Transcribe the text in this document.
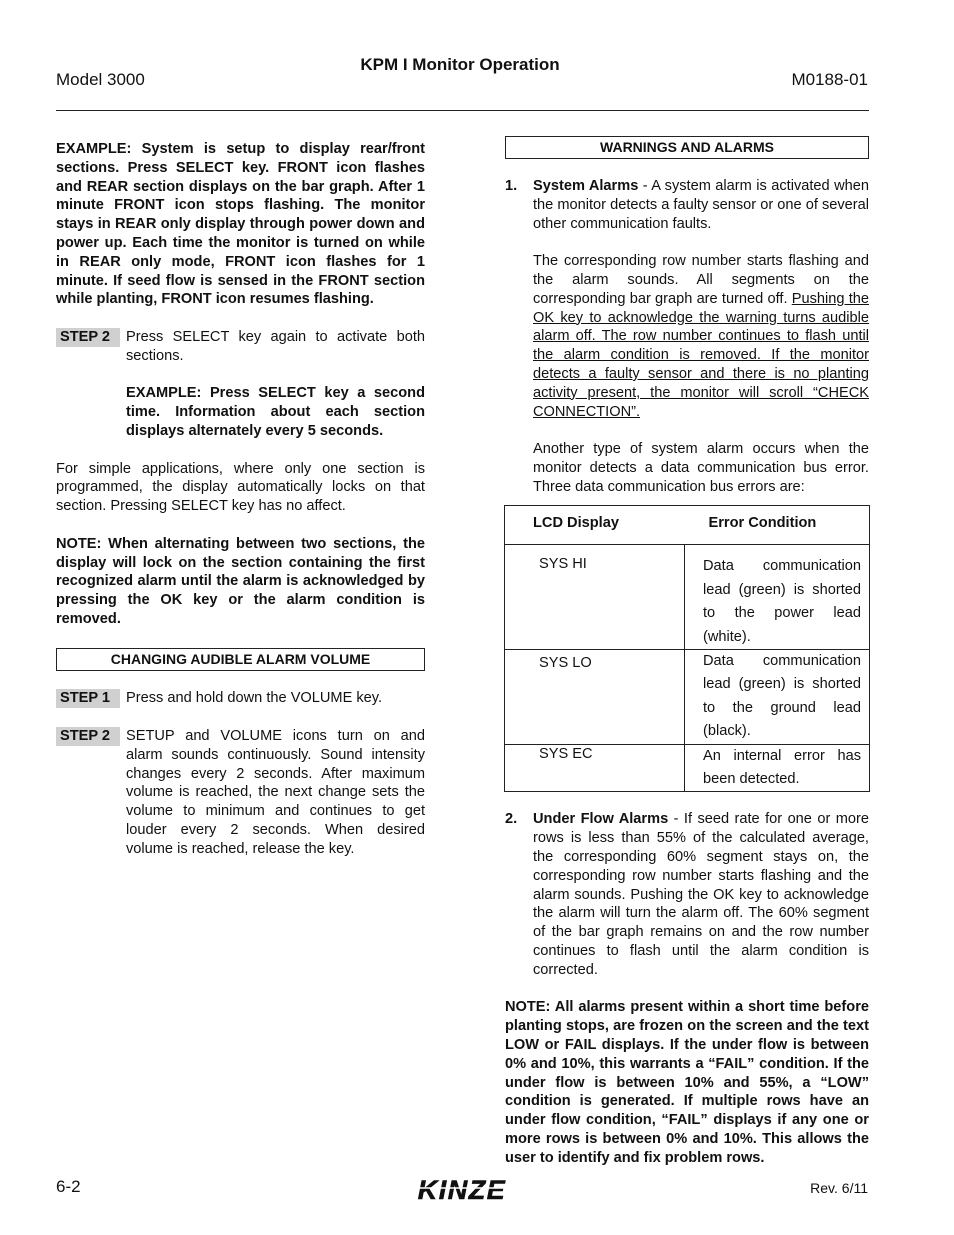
KPM I Monitor Operation
Model 3000	M0188-01

EXAMPLE: System is setup to display rear/front sections. Press SELECT key. FRONT icon flashes and REAR section displays on the bar graph. After 1 minute FRONT icon stops flashing. The monitor stays in REAR only display through power down and power up. Each time the monitor is turned on while in REAR only mode, FRONT icon flashes for 1 minute. If seed flow is sensed in the FRONT section while planting, FRONT icon resumes flashing.

STEP 2	Press SELECT key again to activate both sections.

EXAMPLE: Press SELECT key a second time. Information about each section displays alternately every 5 seconds.

For simple applications, where only one section is programmed, the display automatically locks on that section. Pressing SELECT key has no affect.

NOTE: When alternating between two sections, the display will lock on the section containing the first recognized alarm until the alarm is acknowledged by pressing the OK key or the alarm condition is removed.

CHANGING AUDIBLE ALARM VOLUME
STEP 1	Press and hold down the VOLUME key.

STEP 2	SETUP and VOLUME icons turn on and alarm sounds continuously. Sound intensity changes every 2 seconds. After maximum volume is reached, the next change sets the volume to minimum and continues to get louder every 2 seconds. When desired volume is reached, release the key.

WARNINGS AND ALARMS
1.	System Alarms - A system alarm is activated when the monitor detects a faulty sensor or one of several other communication faults.

The corresponding row number starts flashing and the alarm sounds. All segments on the corresponding bar graph are turned off. Pushing the OK key to acknowledge the warning turns audible alarm off. The row number continues to flash until the alarm condition is removed. If the monitor detects a faulty sensor and there is no planting activity present, the monitor will scroll “CHECK CONNECTION”.

Another type of system alarm occurs when the monitor detects a data communication bus error. Three data communication bus errors are:

LCD Display	Error Condition
SYS HI	Data communication lead (green) is shorted to the power lead (white).
SYS LO	Data communication lead (green) is shorted to the ground lead (black).
SYS EC	An internal error has been detected.
2.	Under Flow Alarms - If seed rate for one or more rows is less than 55% of the calculated average, the corresponding 60% segment stays on, the corresponding row number starts flashing and the alarm sounds. Pushing the OK key to acknowledge the alarm will turn the alarm off. The 60% segment of the bar graph remains on and the row number continues to flash until the alarm condition is corrected.

NOTE: All alarms present within a short time before planting stops, are frozen on the screen and the text LOW or FAIL displays. If the under flow is between 0% and 10%, this warrants a “FAIL” condition. If the under flow is between 10% and 55%, a “LOW” condition is generated. If multiple rows have an under flow condition, “FAIL” displays if any one or more rows is between 0% and 10%. This allows the user to identify and fix problem rows.

6-2	KINZE	Rev. 6/11
